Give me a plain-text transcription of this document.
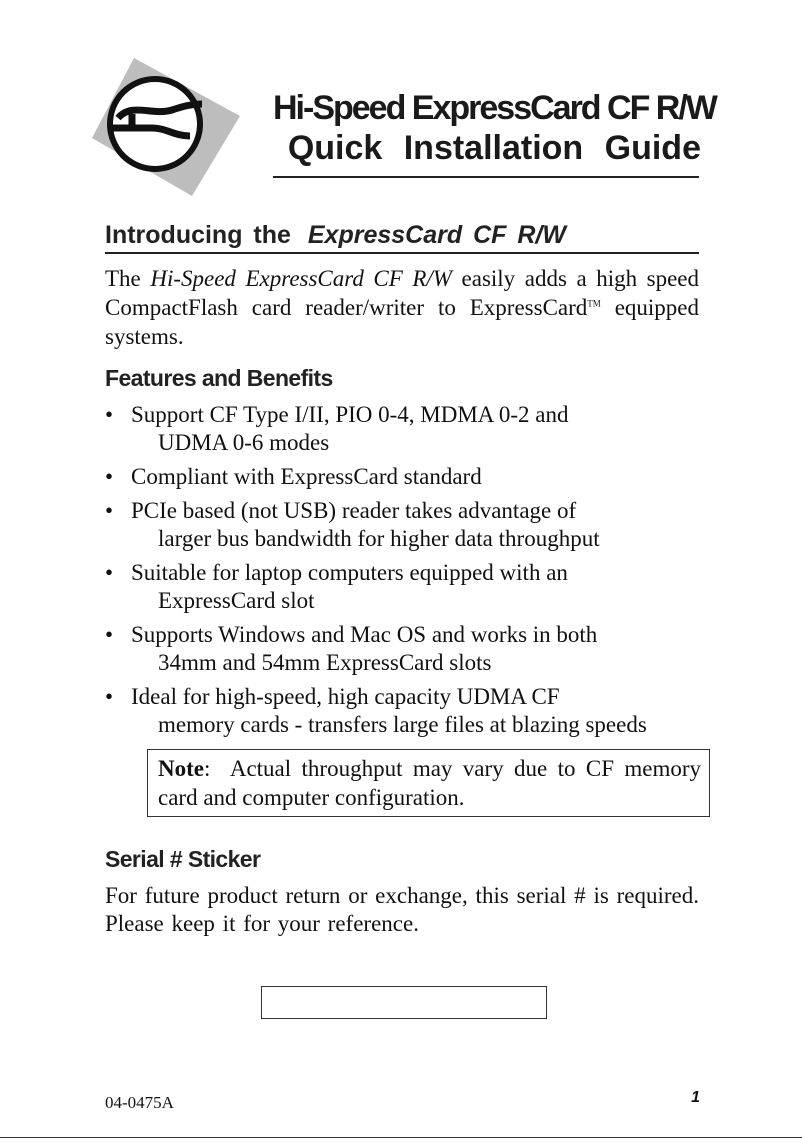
Hi-Speed ExpressCard CF R/W
Quick Installation Guide
Introducing the ExpressCard CF R/W

The Hi-Speed ExpressCard CF R/W easily adds a high speed CompactFlash card reader/writer to ExpressCard™ equipped systems.

Features and Benefits
• Support CF Type I/II, PIO 0-4, MDMA 0-2 and
UDMA 0-6 modes
• Compliant with ExpressCard standard
• PCIe based (not USB) reader takes advantage of
larger bus bandwidth for higher data throughput
• Suitable for laptop computers equipped with an
ExpressCard slot
• Supports Windows and Mac OS and works in both
34mm and 54mm ExpressCard slots
• Ideal for high-speed, high capacity UDMA CF
memory cards - transfers large files at blazing speeds
Note:  Actual throughput may vary due to CF memory card and computer configuration.
Serial # Sticker

For future product return or exchange, this serial # is required. Please keep it for your reference.

04-0475A	1
